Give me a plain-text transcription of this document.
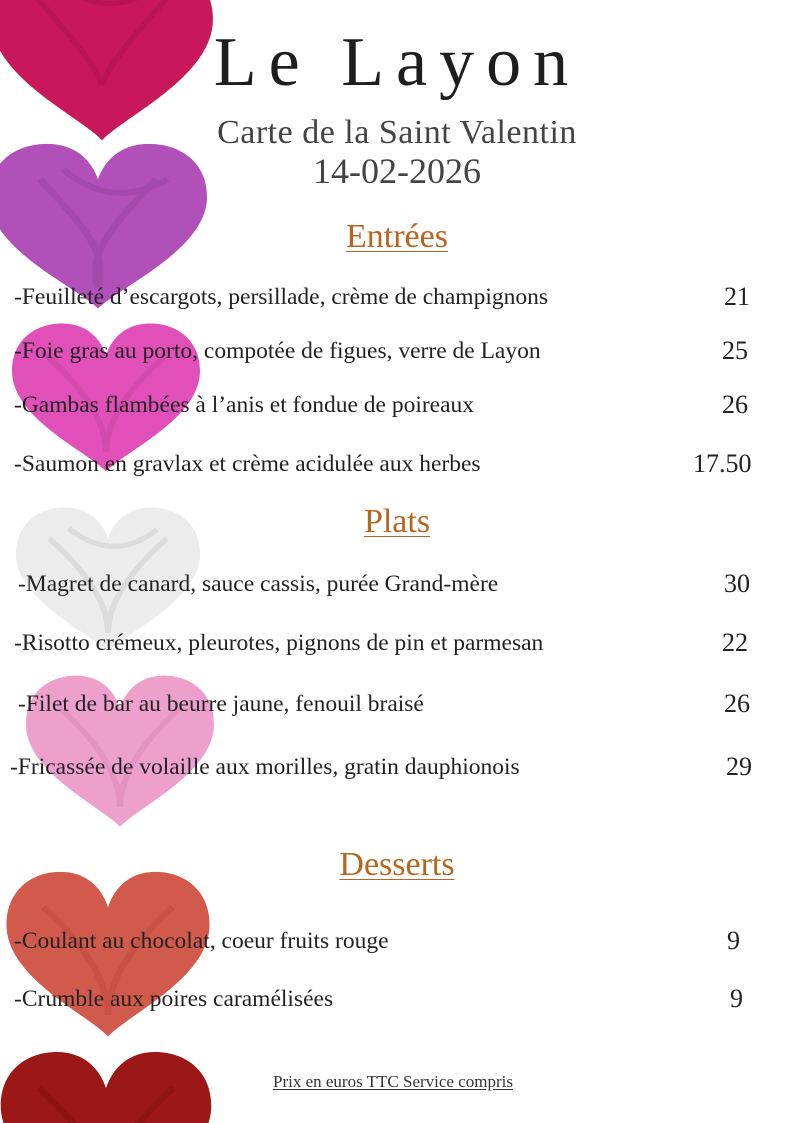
Le Layon
Carte de la Saint Valentin
14-02-2026
Entrées
-Feuilleté d’escargots, persillade, crème de champignons	21
-Foie gras au porto, compotée de figues, verre de Layon	25
-Gambas flambées à l’anis et fondue de poireaux	26
-Saumon en gravlax et crème acidulée aux herbes	17.50
Plats
-Magret de canard, sauce cassis, purée Grand-mère	30
-Risotto crémeux, pleurotes, pignons de pin et parmesan	22
-Filet de bar au beurre jaune, fenouil braisé	26
-Fricassée de volaille aux morilles, gratin dauphionois	29
Desserts
-Coulant au chocolat, coeur fruits rouge	9
-Crumble aux poires caramélisées	9
Prix en euros TTC Service compris
